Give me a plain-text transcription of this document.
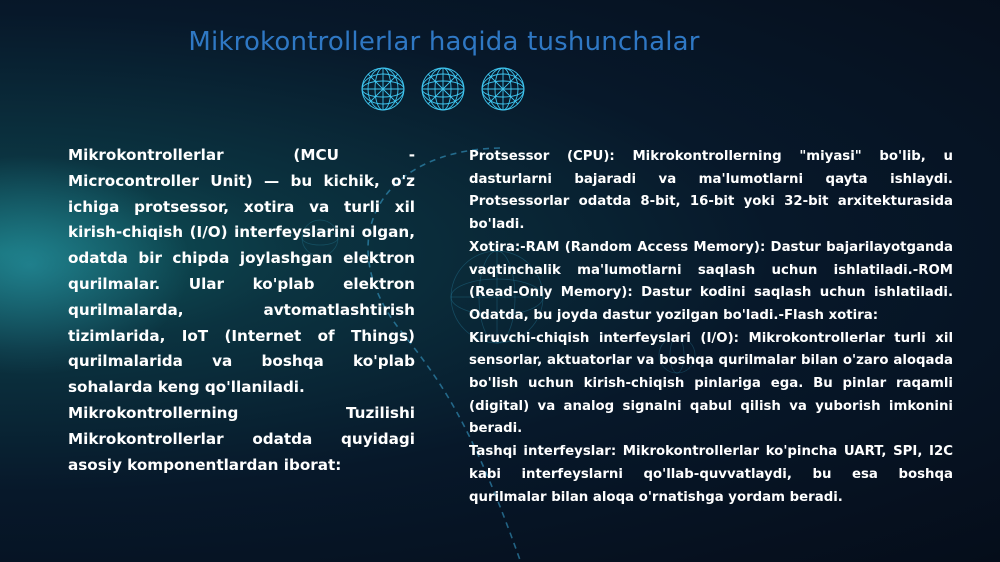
Mikrokontrollerlar haqida tushunchalar

Mikrokontrollerlar (MCU - Microcontroller Unit) — bu kichik, o'z ichiga protsessor, xotira va turli xil kirish-chiqish (I/O) interfeyslarini olgan, odatda bir chipda joylashgan elektron qurilmalar. Ular ko'plab elektron qurilmalarda, avtomatlashtirish tizimlarida, IoT (Internet of Things) qurilmalarida va boshqa ko'plab sohalarda keng qo'llaniladi.

Mikrokontrollerning Tuzilishi Mikrokontrollerlar odatda quyidagi asosiy komponentlardan iborat:

Protsessor (CPU): Mikrokontrollerning "miyasi" bo'lib, u dasturlarni bajaradi va ma'lumotlarni qayta ishlaydi. Protsessorlar odatda 8-bit, 16-bit yoki 32-bit arxitekturasida bo'ladi.

Xotira:-RAM (Random Access Memory): Dastur bajarilayotganda vaqtinchalik ma'lumotlarni saqlash uchun ishlatiladi.-ROM (Read-Only Memory): Dastur kodini saqlash uchun ishlatiladi. Odatda, bu joyda dastur yozilgan bo'ladi.-Flash xotira:

Kiruvchi-chiqish interfeyslari (I/O): Mikrokontrollerlar turli xil sensorlar, aktuatorlar va boshqa qurilmalar bilan o'zaro aloqada bo'lish uchun kirish-chiqish pinlariga ega. Bu pinlar raqamli (digital) va analog signalni qabul qilish va yuborish imkonini beradi.

Tashqi interfeyslar: Mikrokontrollerlar ko'pincha UART, SPI, I2C kabi interfeyslarni qo'llab-quvvatlaydi, bu esa boshqa qurilmalar bilan aloqa o'rnatishga yordam beradi.
